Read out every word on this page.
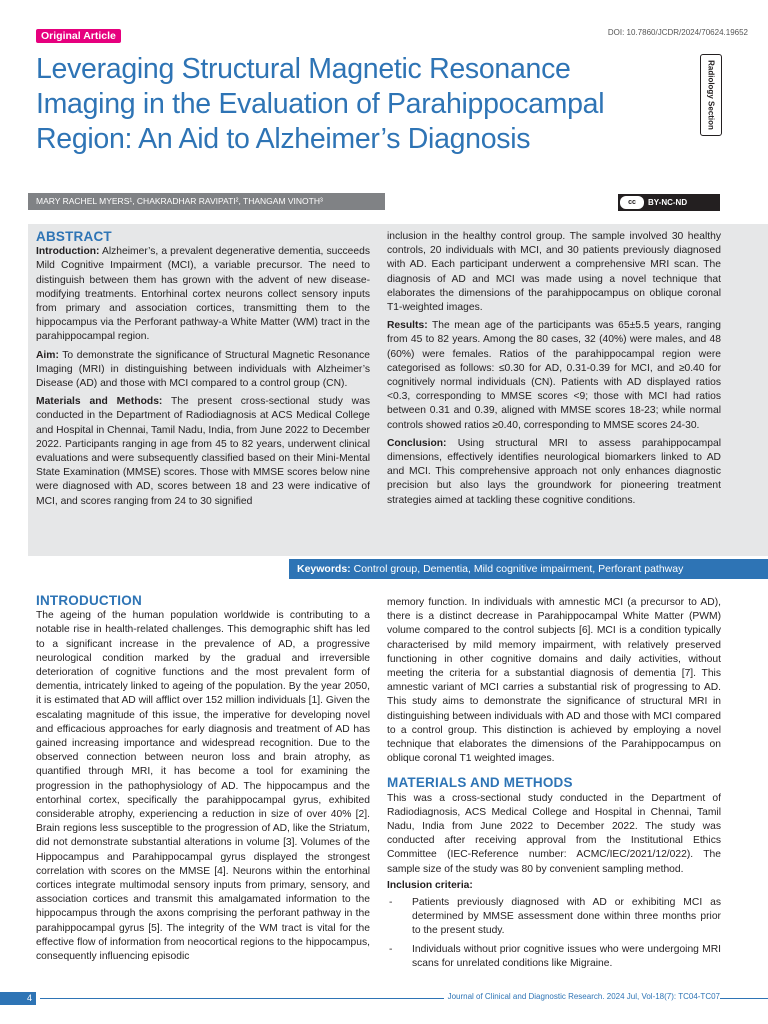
Original Article	DOI: 10.7860/JCDR/2024/70624.19652
Leveraging Structural Magnetic Resonance Imaging in the Evaluation of Parahippocampal Region: An Aid to Alzheimer’s Diagnosis
Radiology Section
MARY RACHEL MYERS¹, CHAKRADHAR RAVIPATI², THANGAM VINOTH³	cc	BY-NC-ND
ABSTRACT

Introduction: Alzheimer’s, a prevalent degenerative dementia, succeeds Mild Cognitive Impairment (MCI), a variable precursor. The need to distinguish between them has grown with the advent of new disease-modifying treatments. Entorhinal cortex neurons collect sensory inputs from primary and association cortices, transmitting them to the hippocampus via the Perforant pathway-a White Matter (WM) tract in the parahippocampal region.

Aim: To demonstrate the significance of Structural Magnetic Resonance Imaging (MRI) in distinguishing between individuals with Alzheimer’s Disease (AD) and those with MCI compared to a control group (CN).

Materials and Methods: The present cross-sectional study was conducted in the Department of Radiodiagnosis at ACS Medical College and Hospital in Chennai, Tamil Nadu, India, from June 2022 to December 2022. Participants ranging in age from 45 to 82 years, underwent clinical evaluations and were subsequently classified based on their Mini-Mental State Examination (MMSE) scores. Those with MMSE scores below nine were diagnosed with AD, scores between 18 and 23 were indicative of MCI, and scores ranging from 24 to 30 signified

inclusion in the healthy control group. The sample involved 30 healthy controls, 20 individuals with MCI, and 30 patients previously diagnosed with AD. Each participant underwent a comprehensive MRI scan. The diagnosis of AD and MCI was made using a novel technique that elaborates the dimensions of the parahippocampus on oblique coronal T1-weighted images.

Results: The mean age of the participants was 65±5.5 years, ranging from 45 to 82 years. Among the 80 cases, 32 (40%) were males, and 48 (60%) were females. Ratios of the parahippocampal region were categorised as follows: ≤0.30 for AD, 0.31-0.39 for MCI, and ≥0.40 for cognitively normal individuals (CN). Patients with AD displayed ratios <0.3, corresponding to MMSE scores <9; those with MCI had ratios between 0.31 and 0.39, aligned with MMSE scores 18-23; while normal controls showed ratios ≥0.40, corresponding to MMSE scores 24-30.

Conclusion: Using structural MRI to assess parahippocampal dimensions, effectively identifies neurological biomarkers linked to AD and MCI. This comprehensive approach not only enhances diagnostic precision but also lays the groundwork for pioneering treatment strategies aimed at tackling these cognitive conditions.

Keywords: Control group, Dementia, Mild cognitive impairment, Perforant pathway
INTRODUCTION

The ageing of the human population worldwide is contributing to a notable rise in health-related challenges. This demographic shift has led to a significant increase in the prevalence of AD, a progressive neurological condition marked by the gradual and irreversible deterioration of cognitive functions and the most prevalent form of dementia, intricately linked to ageing of the population. By the year 2050, it is estimated that AD will afflict over 152 million individuals [1]. Given the escalating magnitude of this issue, the imperative for developing novel and efficacious approaches for early diagnosis and treatment of AD has gained increasing importance and widespread recognition. Due to the observed connection between neuron loss and brain atrophy, as quantified through MRI, it has become a tool for examining the progression in the pathophysiology of AD. The hippocampus and the entorhinal cortex, specifically the parahippocampal gyrus, exhibited considerable atrophy, experiencing a reduction in size of over 40% [2]. Brain regions less susceptible to the progression of AD, like the Striatum, did not demonstrate substantial alterations in volume [3]. Volumes of the Hippocampus and Parahippocampal gyrus displayed the strongest correlation with scores on the MMSE [4]. Neurons within the entorhinal cortices integrate multimodal sensory inputs from primary, sensory, and association cortices and transmit this amalgamated information to the hippocampus through the axons comprising the perforant pathway in the parahippocampal gyrus [5]. The integrity of the WM tract is vital for the effective flow of information from neocortical regions to the hippocampus, consequently influencing episodic

memory function. In individuals with amnestic MCI (a precursor to AD), there is a distinct decrease in Parahippocampal White Matter (PWM) volume compared to the control subjects [6]. MCI is a condition typically characterised by mild memory impairment, with relatively preserved functioning in other cognitive domains and daily activities, without meeting the criteria for a substantial diagnosis of dementia [7]. This amnestic variant of MCI carries a substantial risk of progressing to AD. This study aims to demonstrate the significance of structural MRI in distinguishing between individuals with AD and those with MCI compared to a control group. This distinction is achieved by employing a novel technique that elaborates the dimensions of the Parahippocampus on oblique coronal T1 weighted images.

MATERIALS AND METHODS

This was a cross-sectional study conducted in the Department of Radiodiagnosis, ACS Medical College and Hospital in Chennai, Tamil Nadu, India from June 2022 to December 2022. The study was conducted after receiving approval from the Institutional Ethics Committee (IEC-Reference number: ACMC/IEC/2021/12/022). The sample size of the study was 80 by convenient sampling method.

Inclusion criteria:

- Patients previously diagnosed with AD or exhibiting MCI as determined by MMSE assessment done within three months prior to the present study.
- Individuals without prior cognitive issues who were undergoing MRI scans for unrelated conditions like Migraine.
4	Journal of Clinical and Diagnostic Research. 2024 Jul, Vol-18(7): TC04-TC07
